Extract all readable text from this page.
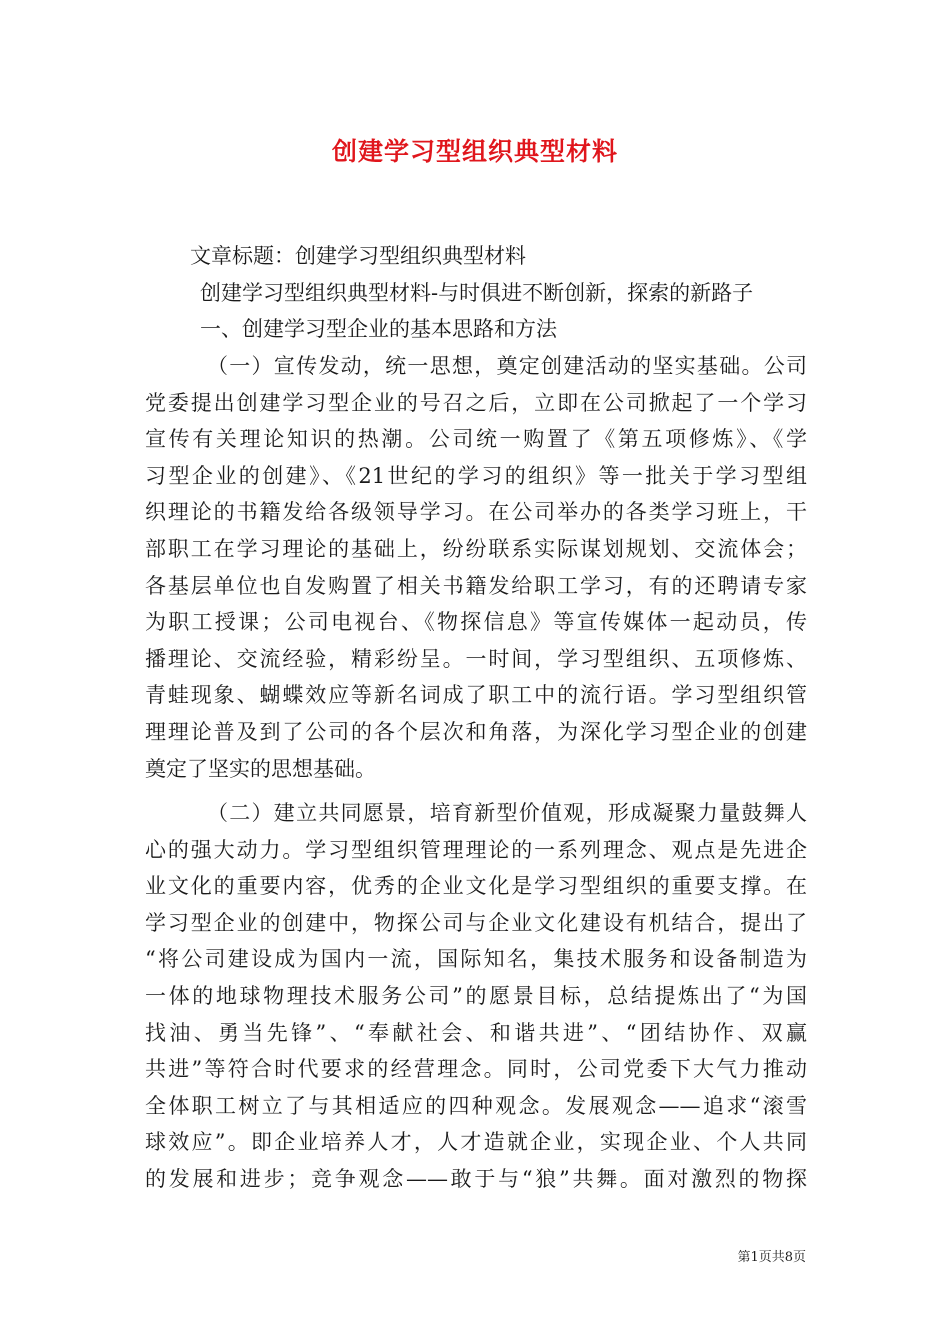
创建学习型组织典型材料
文章标题：创建学习型组织典型材料
创建学习型组织典型材料-与时俱进不断创新，探索的新路子
一、创建学习型企业的基本思路和方法
（一）宣传发动，统一思想，奠定创建活动的坚实基础。公司
党委提出创建学习型企业的号召之后，立即在公司掀起了一个学习
宣传有关理论知识的热潮。公司统一购置了《第五项修炼》、《学
习型企业的创建》、《21世纪的学习的组织》等一批关于学习型组
织理论的书籍发给各级领导学习。在公司举办的各类学习班上，干
部职工在学习理论的基础上，纷纷联系实际谋划规划、交流体会；
各基层单位也自发购置了相关书籍发给职工学习，有的还聘请专家
为职工授课；公司电视台、《物探信息》等宣传媒体一起动员，传
播理论、交流经验，精彩纷呈。一时间，学习型组织、五项修炼、
青蛙现象、蝴蝶效应等新名词成了职工中的流行语。学习型组织管
理理论普及到了公司的各个层次和角落，为深化学习型企业的创建
奠定了坚实的思想基础。
（二）建立共同愿景，培育新型价值观，形成凝聚力量鼓舞人
心的强大动力。学习型组织管理理论的一系列理念、观点是先进企
业文化的重要内容，优秀的企业文化是学习型组织的重要支撑。在
学习型企业的创建中，物探公司与企业文化建设有机结合，提出了
“将公司建设成为国内一流，国际知名，集技术服务和设备制造为
一体的地球物理技术服务公司”的愿景目标，总结提炼出了“为国
找油、勇当先锋”、“奉献社会、和谐共进”、“团结协作、双赢
共进”等符合时代要求的经营理念。同时，公司党委下大气力推动
全体职工树立了与其相适应的四种观念。发展观念——追求“滚雪
球效应”。即企业培养人才，人才造就企业，实现企业、个人共同
的发展和进步；竞争观念——敢于与“狼”共舞。面对激烈的物探
第1页共8页
